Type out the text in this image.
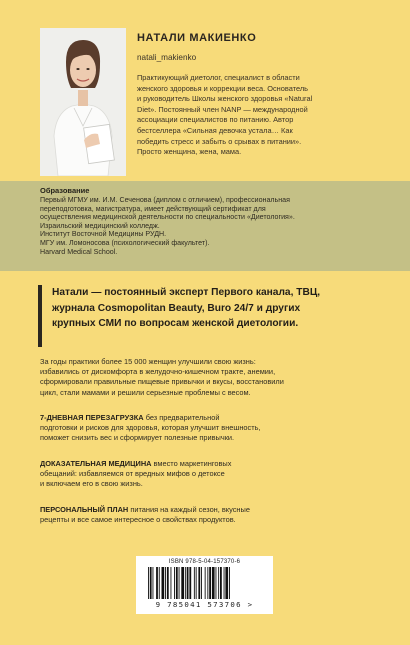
НАТАЛИ МАКИЕНКО
natali_makienko
Практикующий диетолог, специалист в области
женского здоровья и коррекции веса. Основатель
и руководитель Школы женского здоровья «Natural
Diet». Постоянный член NANP — международной
ассоциации специалистов по питанию. Автор
бестселлера «Сильная девочка устала… Как
победить стресс и забыть о срывах в питании».
Просто женщина, жена, мама.
Образование
Первый МГМУ им. И.М. Сеченова (диплом с отличием), профессиональная
переподготовка, магистратура, имеет действующий сертификат для
осуществления медицинской деятельности по специальности «Диетология».
Израильский медицинский колледж.
Институт Восточной Медицины РУДН.
МГУ им. Ломоносова (психологический факультет).
Harvard Medical School.
Натали — постоянный эксперт Первого канала, ТВЦ,
журнала Cosmopolitan Beauty, Buro 24/7 и других
крупных СМИ по вопросам женской диетологии.
За годы практики более 15 000 женщин улучшили свою жизнь:
избавились от дискомфорта в желудочно-кишечном тракте, анемии,
сформировали правильные пищевые привычки и вкусы, восстановили
цикл, стали мамами и решили серьезные проблемы с весом.
7-ДНЕВНАЯ ПЕРЕЗАГРУЗКА без предварительной
подготовки и рисков для здоровья, которая улучшит внешность,
поможет снизить вес и сформирует полезные привычки.
ДОКАЗАТЕЛЬНАЯ МЕДИЦИНА вместо маркетинговых
обещаний: избавляемся от вредных мифов о детоксе
и включаем его в свою жизнь.
ПЕРСОНАЛЬНЫЙ ПЛАН питания на каждый сезон, вкусные
рецепты и все самое интересное о свойствах продуктов.
ISBN 978-5-04-157370-6
9 785041 573706 >
